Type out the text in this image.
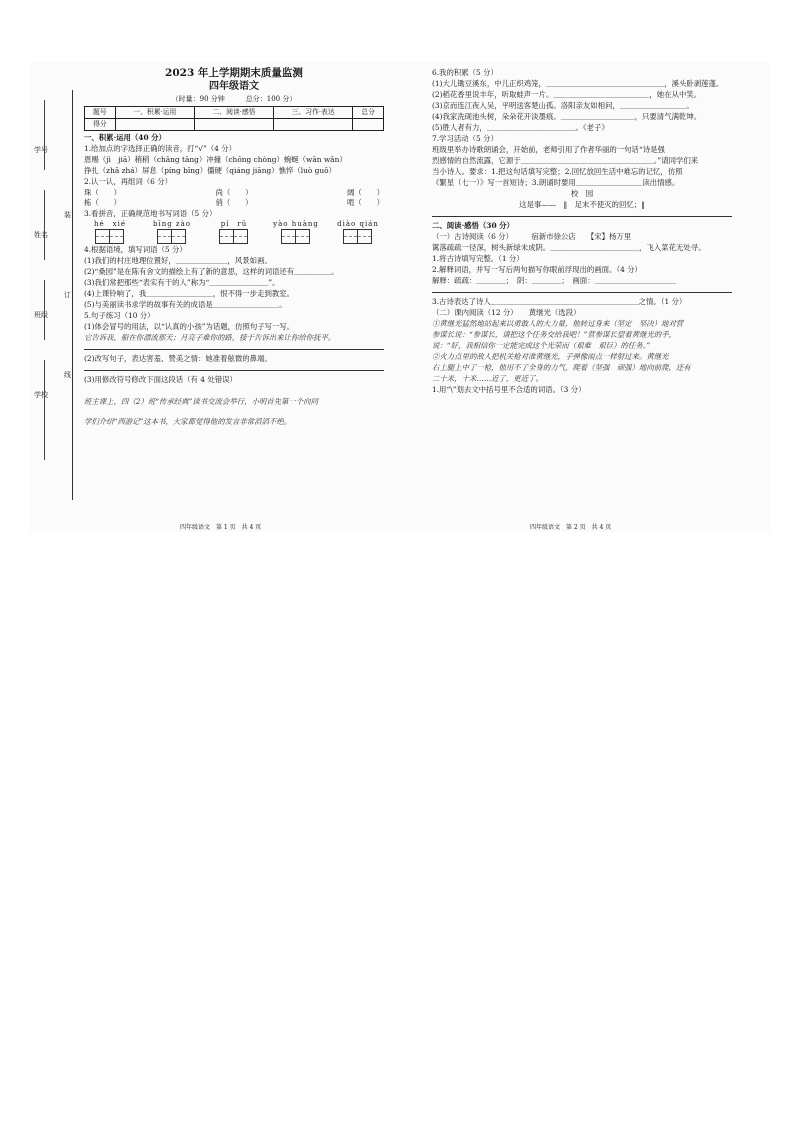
学号
姓名
班级
学校
装
订
线
2023 年上学期期末质量监测
四年级语文
（时量：90 分钟　　　总分：100 分）
题号	一、积累·运用	二、阅读·感悟	三、习作·表达	总分
得分				
一、积累·运用（40 分）
1.给加点的字选择正确的读音，打“√”（4 分）
恩赐（jì　jiā）稍稍（chāng tāng）冲撞（chōng chòng）蜿蜒（wān wǎn）
挣扎（zhā zhá）屏息（píng bǐng）僵硬（qiáng jiāng）憔悴（luò guō）
2.认一认，再组词（6 分）
珠（　　）	尚（　　）	阔（　　）
栋（　　）	俏（　　）	啃（　　）
3.看拼音，正确规范地书写词语（5 分）
hé　xié	bīng zào	pí　rǔ	yào huàng	diào qián
4.根据语境，填写词语（5 分）
(1)我们的村庄地理位置好，＿＿＿＿＿＿＿，风景如画。
(2)“桑园”是在陈有舍文的描绘上有了新的意思，这样的词语还有＿＿＿＿＿。
(3)我们常把那些“表实有干的人”称为“＿＿＿＿＿＿＿＿”。
(4)上课铃响了，我＿＿＿＿＿＿＿＿＿，恨不得一步走到教室。
(5)与美丽读书求学的故事有关的成语是＿＿＿＿＿＿＿＿＿。
5.句子练习（10 分）
(1)体会冒号的用法，以“认真的小孩”为话题，仿照句子写一写。
它告诉我，船在你漂流那天；月亮子难你的路，接于告诉出来让你给你抚平。
(2)改写句子，表达害羞、赞美之情：她准着舷微的鼻端。
(3)用修改符号修改下面这段话（有 4 处错误）
班主课上，四（2）班“传承经典”读书交流会举行，小明首先第一个向同
学们介绍“西游记”这本书，大家都觉得他的发言非常滔滔不绝。
6.我的积累（5 分）
(1)大儿锄豆溪东，中儿正织鸡笼，＿＿＿＿＿＿＿＿＿＿＿＿＿＿＿＿，溪头卧剥莲蓬。
(2)稻花香里说丰年，听取蛙声一片。＿＿＿＿＿＿＿＿＿＿＿＿＿，她在从中笑。
(3)京而连江夜入吴，平明送客楚山孤。洛阳亲友如相问，＿＿＿＿＿＿＿＿＿。
(4)我家洗砚池头树，朵朵花开淡墨痕。＿＿＿＿＿＿＿＿＿＿，只要清气满乾坤。
(5)胜人者有力，＿＿＿＿＿＿＿＿＿＿＿＿。《老子》
7.学习活动（5 分）
班级里举办诗歌朗诵会，开始前，老师引用了作者华丽的一句话“诗是强
烈感情的自然流露，它源于＿＿＿＿＿＿＿＿＿＿＿＿＿＿＿＿＿＿。”请同学们来
当小诗人。要求：1.把这句话填写完整；2.回忆放回生活中难忘的记忆，仿照
《繁星（七一）》写一首短诗；3.朗诵时要用＿＿＿＿＿＿＿＿＿读出情感。
校　园
这是事——　‖　足末不使灭的回忆；‖
二、阅读·感悟（30 分）
（一）古诗阅读（6 分）　　　宿新市徐公店　　【宋】杨万里
篱落疏疏一径深，树头新绿未成阴。＿＿＿＿＿＿＿＿＿＿＿＿，飞入菜花无处寻。
1.将古诗填写完整。（1 分）
2.解释词语，并写一写后两句描写你眼前浮现出的画面。（4 分）
解释：疏疏：＿＿＿＿；　阴：＿＿＿＿；　画面：＿＿＿＿＿＿＿＿＿＿＿
3.古诗表达了诗人＿＿＿＿＿＿＿＿＿＿＿＿＿＿＿＿＿＿＿＿之情。（1 分）
（二）课内阅读（12 分）　　黄继光（选段）
①黄继光猛然地站起来以勇敢人的大力量，他转过身来（坚定　坚决）地对营
参谋长说：“参谋长，请把这个任务交给我吧！”营参谋长望着黄继光的手，
说：“好，我相信你一定能完成这个光荣而（艰难　艰巨）的任务。”
②火力点里的敌人把机关枪对准黄继光，子弹像雨点一样射过来。黄继光
右上腿上中了一枪，他用不了全身的力气，爬着（坚强　顽强）地向前爬，还有
二十米，十米……近了，更近了。
1.用“\”划去文中括号里不合适的词语。（3 分）
四年级语文　第 1 页　共 4 页	四年级语文　第 2 页　共 4 页
